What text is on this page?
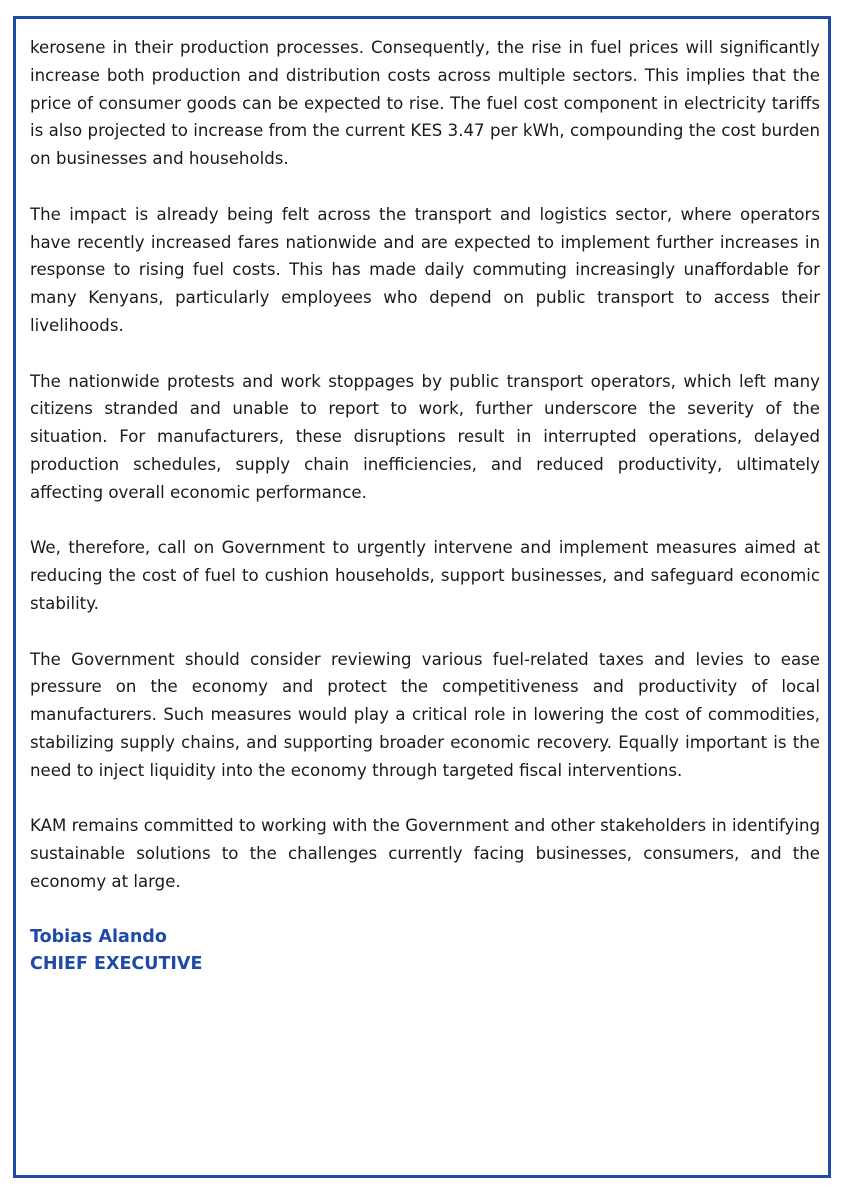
kerosene in their production processes. Consequently, the rise in fuel prices will significantly increase both production and distribution costs across multiple sectors. This implies that the price of consumer goods can be expected to rise. The fuel cost component in electricity tariffs is also projected to increase from the current KES 3.47 per kWh, compounding the cost burden on businesses and households.

The impact is already being felt across the transport and logistics sector, where operators have recently increased fares nationwide and are expected to implement further increases in response to rising fuel costs. This has made daily commuting increasingly unaffordable for many Kenyans, particularly employees who depend on public transport to access their livelihoods.

The nationwide protests and work stoppages by public transport operators, which left many citizens stranded and unable to report to work, further underscore the severity of the situation. For manufacturers, these disruptions result in interrupted operations, delayed production schedules, supply chain inefficiencies, and reduced productivity, ultimately affecting overall economic performance.

We, therefore, call on Government to urgently intervene and implement measures aimed at reducing the cost of fuel to cushion households, support businesses, and safeguard economic stability.

The Government should consider reviewing various fuel-related taxes and levies to ease pressure on the economy and protect the competitiveness and productivity of local manufacturers. Such measures would play a critical role in lowering the cost of commodities, stabilizing supply chains, and supporting broader economic recovery. Equally important is the need to inject liquidity into the economy through targeted fiscal interventions.

KAM remains committed to working with the Government and other stakeholders in identifying sustainable solutions to the challenges currently facing businesses, consumers, and the economy at large.

Tobias Alando
CHIEF EXECUTIVE
